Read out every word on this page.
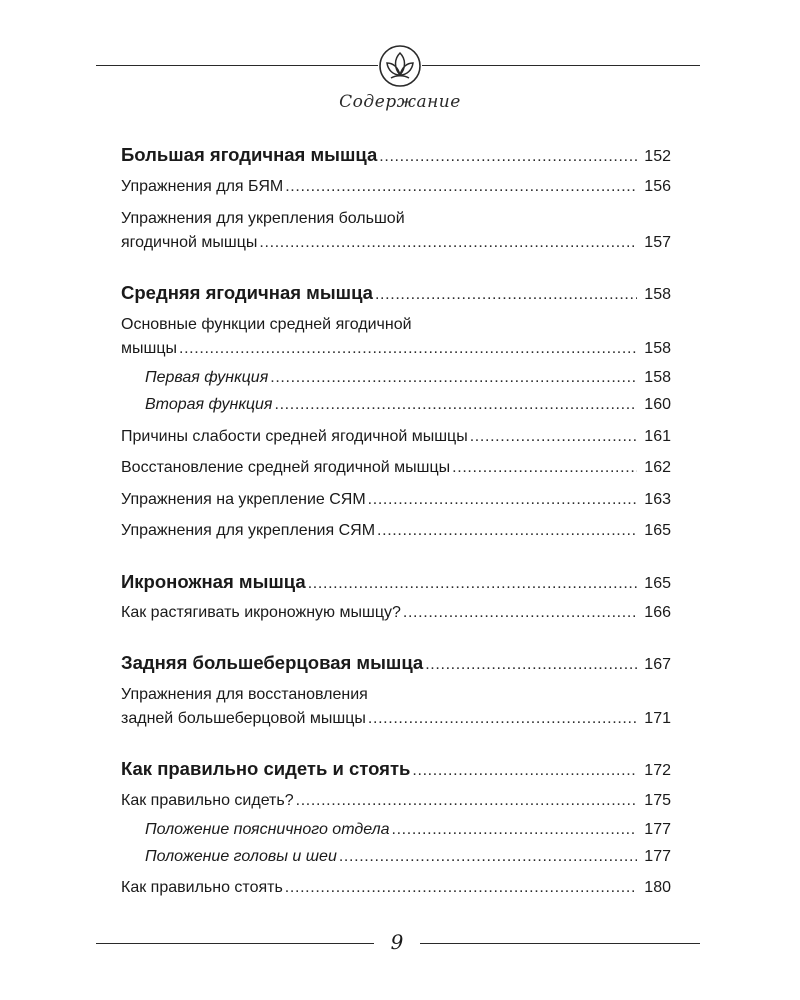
Содержание
Большая ягодичная мышца . . .	152
Упражнения для БЯМ . . .	156
Упражнения для укрепления большой
ягодичной мышцы . . .	157
Средняя ягодичная мышца . . .	158
Основные функции средней ягодичной
мышцы . . .	158
Первая функция . . .	158
Вторая функция . . .	160
Причины слабости средней ягодичной мышцы . . .	161
Восстановление средней ягодичной мышцы . . .	162
Упражнения на укрепление СЯМ . . .	163
Упражнения для укрепления СЯМ . . .	165
Икроножная мышца . . .	165
Как растягивать икроножную мышцу? . . .	166
Задняя большеберцовая мышца . . .	167
Упражнения для восстановления
задней большеберцовой мышцы . . .	171
Как правильно сидеть и стоять . . .	172
Как правильно сидеть? . . .	175
Положение поясничного отдела . . .	177
Положение головы и шеи . . .	177
Как правильно стоять . . .	180
9
